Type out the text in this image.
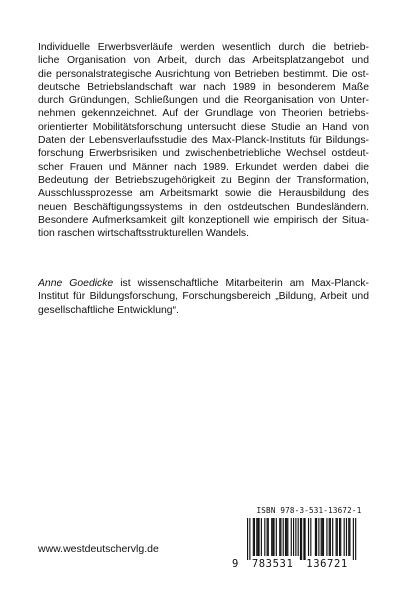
Individuelle Erwerbsverläufe werden wesentlich durch die betrieb-
liche Organisation von Arbeit, durch das Arbeitsplatzangebot und
die personalstrategische Ausrichtung von Betrieben bestimmt. Die ost-
deutsche Betriebslandschaft war nach 1989 in besonderem Maße
durch Gründungen, Schließungen und die Reorganisation von Unter-
nehmen gekennzeichnet. Auf der Grundlage von Theorien betriebs-
orientierter Mobilitätsforschung untersucht diese Studie an Hand von
Daten der Lebensverlaufsstudie des Max-Planck-Instituts für Bildungs-
forschung Erwerbsrisiken und zwischenbetriebliche Wechsel ostdeut-
scher Frauen und Männer nach 1989. Erkundet werden dabei die
Bedeutung der Betriebszugehörigkeit zu Beginn der Transformation,
Ausschlussprozesse am Arbeitsmarkt sowie die Herausbildung des
neuen Beschäftigungssystems in den ostdeutschen Bundesländern.
Besondere Aufmerksamkeit gilt konzeptionell wie empirisch der Situa-
tion raschen wirtschaftsstrukturellen Wandels.
Anne Goedicke ist wissenschaftliche Mitarbeiterin am Max-Planck-
Institut für Bildungsforschung, Forschungsbereich „Bildung, Arbeit und
gesellschaftliche Entwicklung“.
ISBN 978-3-531-13672-1
9 783531 136721
www.westdeutschervlg.de
